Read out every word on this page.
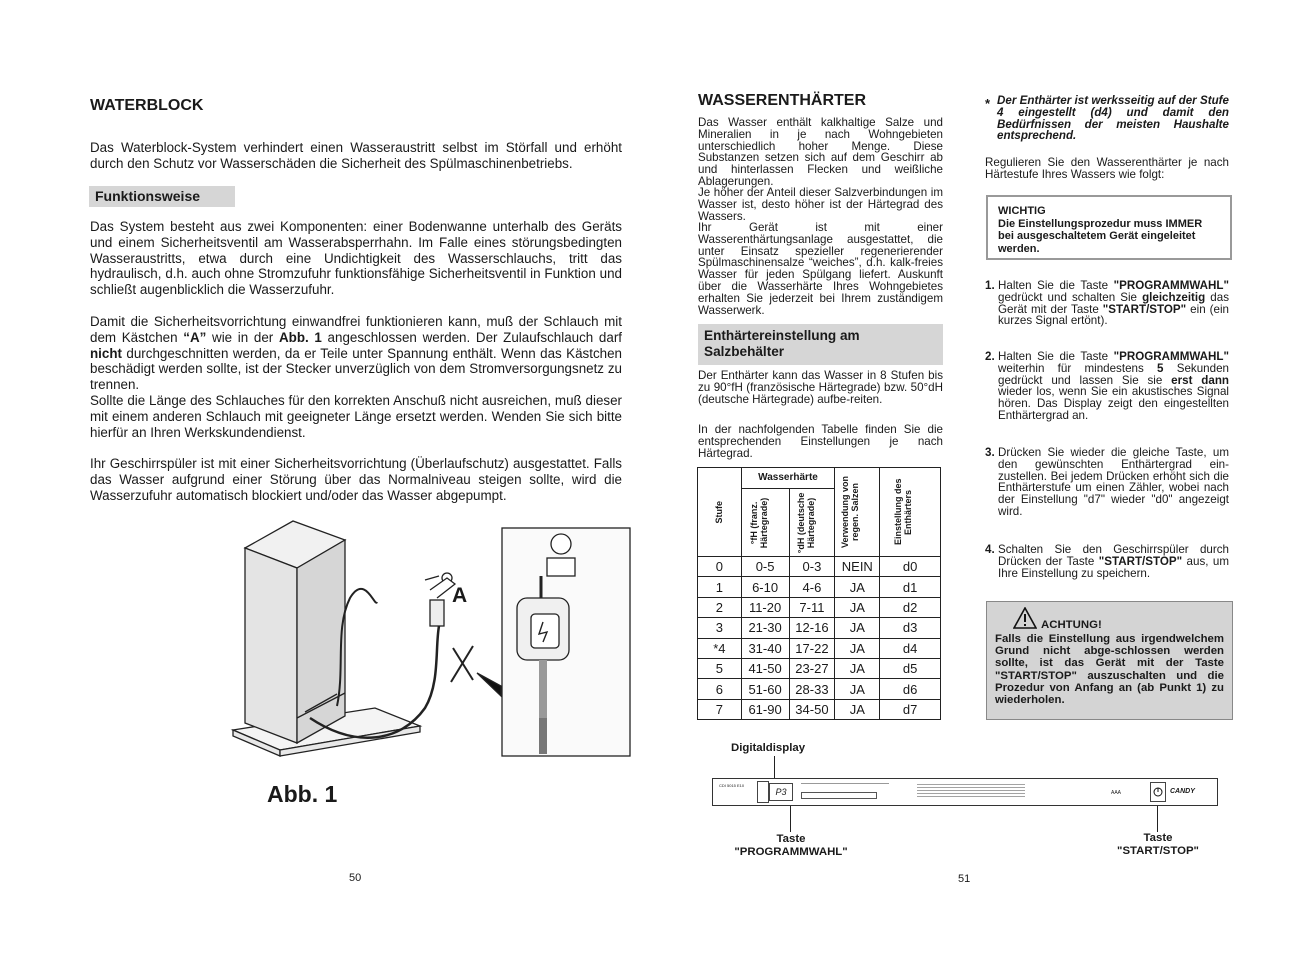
WATERBLOCK
Das Waterblock-System verhindert einen Wasseraustritt selbst im Störfall und erhöht durch den Schutz vor Wasserschäden die Sicherheit des Spülmaschinenbetriebs.
Funktionsweise
Das System besteht aus zwei Komponenten: einer Bodenwanne unterhalb des Geräts und einem Sicherheitsventil am Wasserabsperrhahn. Im Falle eines störungsbedingten Wasseraustritts, etwa durch eine Undichtigkeit des Wasserschlauchs, tritt das hydraulisch, d.h. auch ohne Stromzufuhr funktionsfähige Sicherheitsventil in Funktion und schließt augenblicklich die Wasserzufuhr.
Damit die Sicherheitsvorrichtung einwandfrei funktionieren kann, muß der Schlauch mit dem Kästchen “A” wie in der Abb. 1 angeschlossen werden. Der Zulaufschlauch darf nicht durchgeschnitten werden, da er Teile unter Spannung enthält. Wenn das Kästchen beschädigt werden sollte, ist der Stecker unverzüglich von dem Stromversorgungsnetz zu trennen.
Sollte die Länge des Schlauches für den korrekten Anschuß nicht ausreichen, muß dieser mit einem anderen Schlauch mit geeigneter Länge ersetzt werden. Wenden Sie sich bitte hierfür an Ihren Werkskundendienst.
Ihr Geschirrspüler ist mit einer Sicherheitsvorrichtung (Überlaufschutz) ausgestattet. Falls das Wasser aufgrund einer Störung über das Normalniveau steigen sollte, wird die Wasserzufuhr automatisch blockiert und/oder das Wasser abgepumpt.
A
Abb. 1
50
WASSERENTHÄRTER
Das Wasser enthält kalkhaltige Salze und Mineralien in je nach Wohngebieten unterschiedlich hoher Menge. Diese Substanzen setzen sich auf dem Geschirr ab und hinterlassen Flecken und weißliche Ablagerungen.
Je höher der Anteil dieser Salzverbindungen im Wasser ist, desto höher ist der Härtegrad des Wassers.
Ihr Gerät ist mit einer Wasserenthärtungsanlage ausgestattet, die unter Einsatz spezieller regenerierender Spülmaschinensalze “weiches”, d.h. kalk-freies Wasser für jeden Spülgang liefert. Auskunft über die Wasserhärte Ihres Wohngebietes erhalten Sie jederzeit bei Ihrem zuständigem Wasserwerk.
Enthärtereinstellung am
Salzbehälter
Der Enthärter kann das Wasser in 8 Stufen bis zu 90°fH (französische Härtegrade) bzw. 50°dH (deutsche Härtegrade) aufbe-reiten.
In der nachfolgenden Tabelle finden Sie die entsprechenden Einstellungen je nach Härtegrad.
Stufe	Wasserhärte		Verwendung von regen. Salzen	Einstellung des Enthärters

	°fH (franz. Härtegrade)	°dH (deutsche Härtegrade)		

0	0-5	0-3	NEIN	d0
1	6-10	4-6	JA	d1
2	11-20	7-11	JA	d2
3	21-30	12-16	JA	d3
*4	31-40	17-22	JA	d4
5	41-50	23-27	JA	d5
6	51-60	28-33	JA	d6
7	61-90	34-50	JA	d7
51
* Der Enthärter ist werksseitig auf der Stufe 4 eingestellt (d4) und damit den Bedürfnissen der meisten Haushalte entsprechend.
Regulieren Sie den Wasserenthärter je nach Härtestufe Ihres Wassers wie folgt:
WICHTIG
Die Einstellungsprozedur muss IMMER bei ausgeschaltetem Gerät eingeleitet werden.
1. Halten Sie die Taste "PROGRAMMWAHL" gedrückt und schalten Sie gleichzeitig das Gerät mit der Taste "START/STOP" ein (ein kurzes Signal ertönt).
2. Halten Sie die Taste "PROGRAMMWAHL" weiterhin für mindestens 5 Sekunden gedrückt und lassen Sie sie erst dann wieder los, wenn Sie ein akustisches Signal hören. Das Display zeigt den eingestellten Enthärtergrad an.
3. Drücken Sie wieder die gleiche Taste, um den gewünschten Enthärtergrad ein-zustellen. Bei jedem Drücken erhöht sich die Enthärterstufe um einen Zähler, wobei nach der Einstellung "d7" wieder "d0" angezeigt wird.
4. Schalten Sie den Geschirrspüler durch Drücken der Taste "START/STOP" aus, um Ihre Einstellung zu speichern.
ACHTUNG!
Falls die Einstellung aus irgendwelchem Grund nicht abge-schlossen werden sollte, ist das Gerät mit der Taste "START/STOP" auszuschalten und die Prozedur von Anfang an (ab Punkt 1) zu wiederholen.
Digitaldisplay
CDI 5015 E10
P3	AAA	CANDY
Taste
"PROGRAMMWAHL"
Taste
"START/STOP"
